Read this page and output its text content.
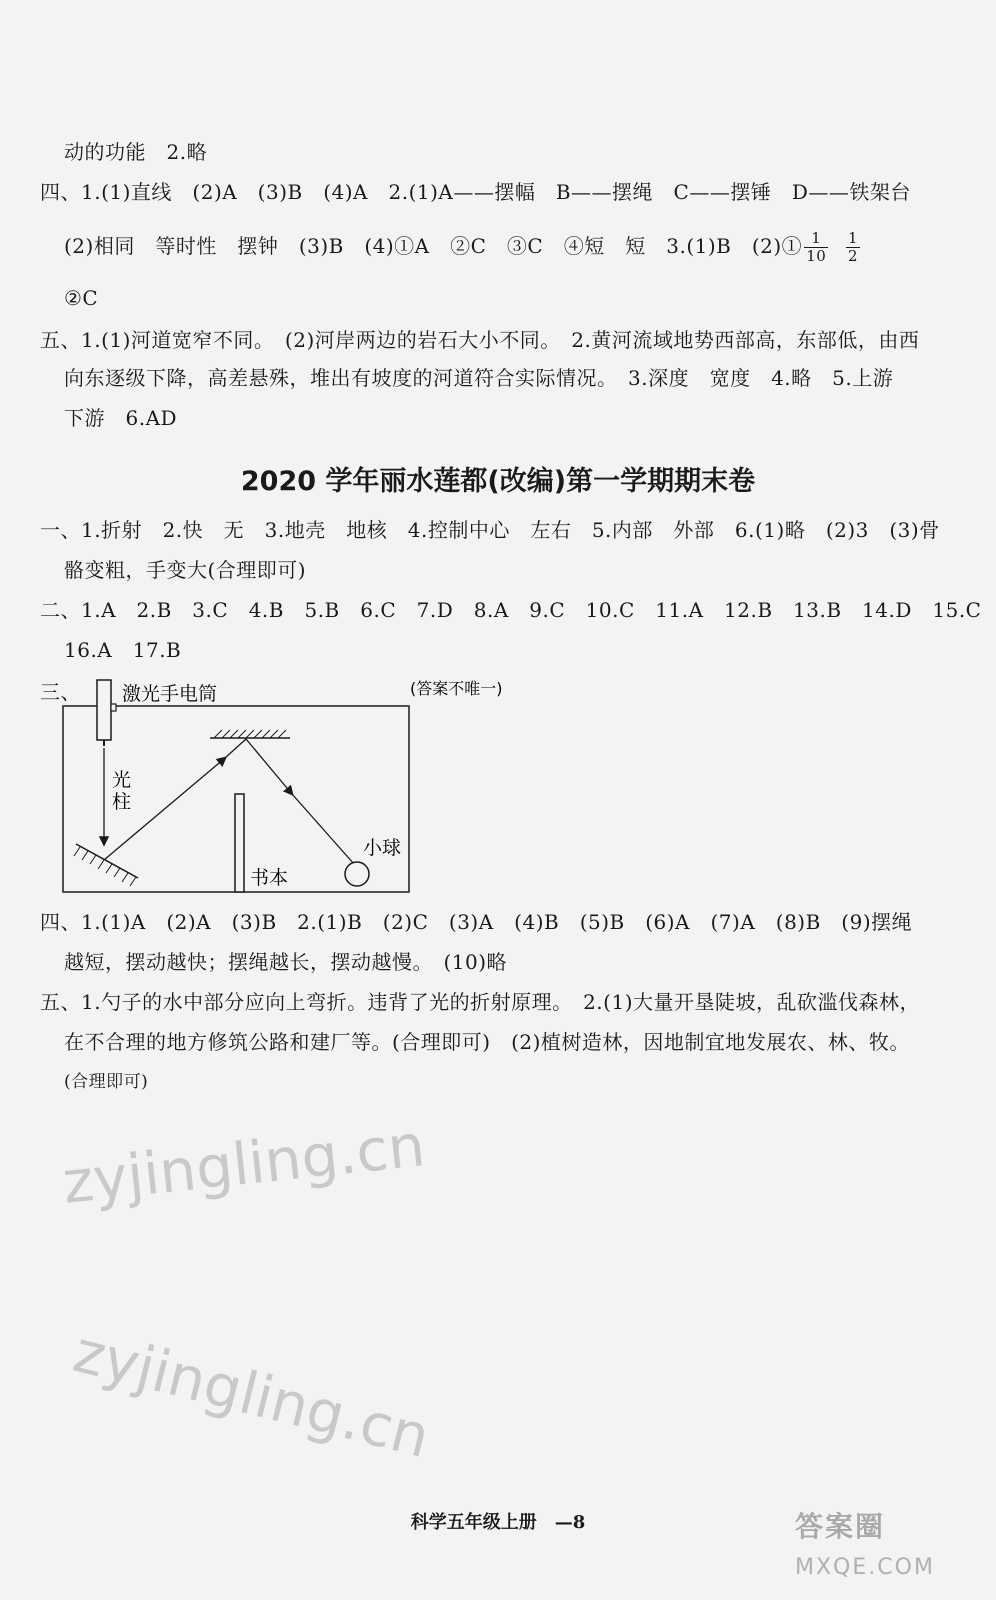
动的功能　2.略
四、1.(1)直线　(2)A　(3)B　(4)A　2.(1)A——摆幅　B——摆绳　C——摆锤　D——铁架台
(2)相同　等时性　摆钟　(3)B　(4)①A　②C　③C　④短　短　3.(1)B　(2)① $\frac{1}{10}$
$\frac{1}{2}$
②C
五、1.(1)河道宽窄不同。　(2)河岸两边的岩石大小不同。　2.黄河流域地势西部高，东部低，由西
向东逐级下降，高差悬殊，堆出有坡度的河道符合实际情况。　3.深度　宽度　4.略　5.上游
下游　6.AD
2020 学年丽水莲都(改编)第一学期期末卷
一、1.折射　2.快　无　3.地壳　地核　4.控制中心　左右　5.内部　外部　6.(1)略　(2)3　(3)骨
骼变粗，手变大(合理即可)
二、1.A　2.B　3.C　4.B　5.B　6.C　7.D　8.A　9.C　10.C　11.A　12.B　13.B　14.D　15.C
16.A　17.B
三、 激光手电筒	(答案不唯一)
光
柱
书本
小球
四、1.(1)A　(2)A　(3)B　2.(1)B　(2)C　(3)A　(4)B　(5)B　(6)A　(7)A　(8)B　(9)摆绳
越短，摆动越快；摆绳越长，摆动越慢。　(10)略
五、1.勺子的水中部分应向上弯折。违背了光的折射原理。　2.(1)大量开垦陡坡，乱砍滥伐森林，
在不合理的地方修筑公路和建厂等。(合理即可)　(2)植树造林，因地制宜地发展农、林、牧。
(合理即可)
zyjingling.cn
zyjingling.cn
科学五年级上册　—8	答案圈
MXQE.COM
